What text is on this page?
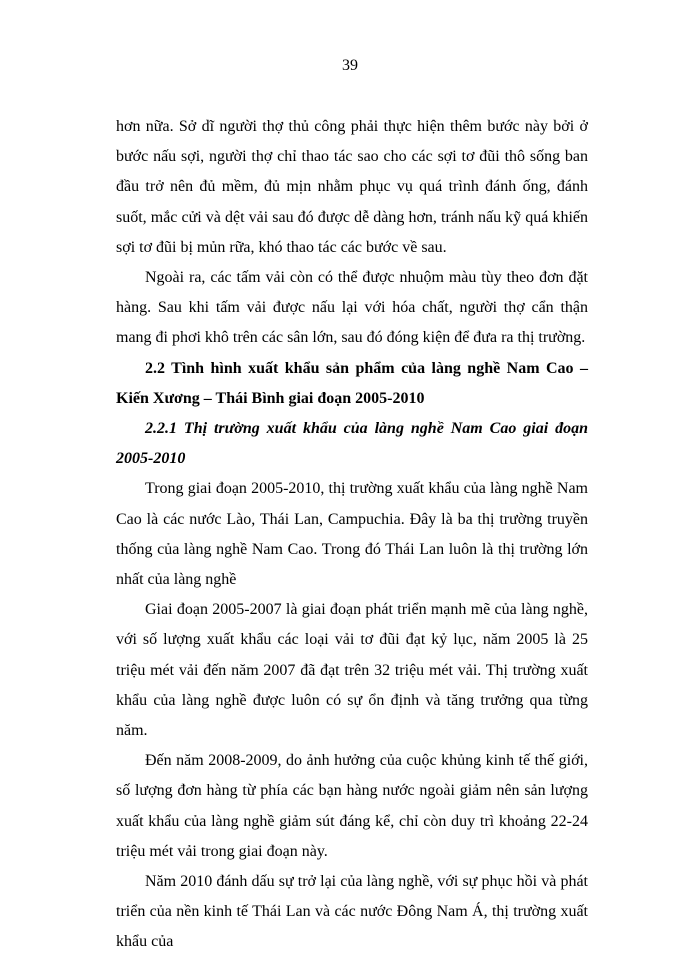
39

hơn nữa. Sở dĩ người thợ thủ công phải thực hiện thêm bước này bởi ở bước nấu sợi, người thợ chỉ thao tác sao cho các sợi tơ đũi thô sống ban đầu trở nên đủ mềm, đủ mịn nhằm phục vụ quá trình đánh ống, đánh suốt, mắc cửi và dệt vải sau đó được dễ dàng hơn, tránh nấu kỹ quá khiến sợi tơ đũi bị mủn rữa, khó thao tác các bước về sau.

Ngoài ra, các tấm vải còn có thể được nhuộm màu tùy theo đơn đặt hàng. Sau khi tấm vải được nấu lại với hóa chất, người thợ cẩn thận mang đi phơi khô trên các sân lớn, sau đó đóng kiện để đưa ra thị trường.

2.2 Tình hình xuất khẩu sản phẩm của làng nghề Nam Cao – Kiến Xương – Thái Bình giai đoạn 2005-2010

2.2.1 Thị trường xuất khẩu của làng nghề Nam Cao giai đoạn 2005-2010

Trong giai đoạn 2005-2010, thị trường xuất khẩu của làng nghề Nam Cao là các nước Lào, Thái Lan, Campuchia. Đây là ba thị trường truyền thống của làng nghề Nam Cao. Trong đó Thái Lan luôn là thị trường lớn nhất của làng nghề

Giai đoạn 2005-2007 là giai đoạn phát triển mạnh mẽ của làng nghề, với số lượng xuất khẩu các loại vải tơ đũi đạt kỷ lục, năm 2005 là 25 triệu mét vải đến năm 2007 đã đạt trên 32 triệu mét vải. Thị trường xuất khẩu của làng nghề được luôn có sự ổn định và tăng trưởng qua từng năm.

Đến năm 2008-2009, do ảnh hưởng của cuộc khủng kinh tế thế giới, số lượng đơn hàng từ phía các bạn hàng nước ngoài giảm nên sản lượng xuất khẩu của làng nghề giảm sút đáng kể, chỉ còn duy trì khoảng 22-24 triệu mét vải trong giai đoạn này.

Năm 2010 đánh dấu sự trở lại của làng nghề, với sự phục hồi và phát triển của nền kinh tế Thái Lan và các nước Đông Nam Á, thị trường xuất khẩu của
